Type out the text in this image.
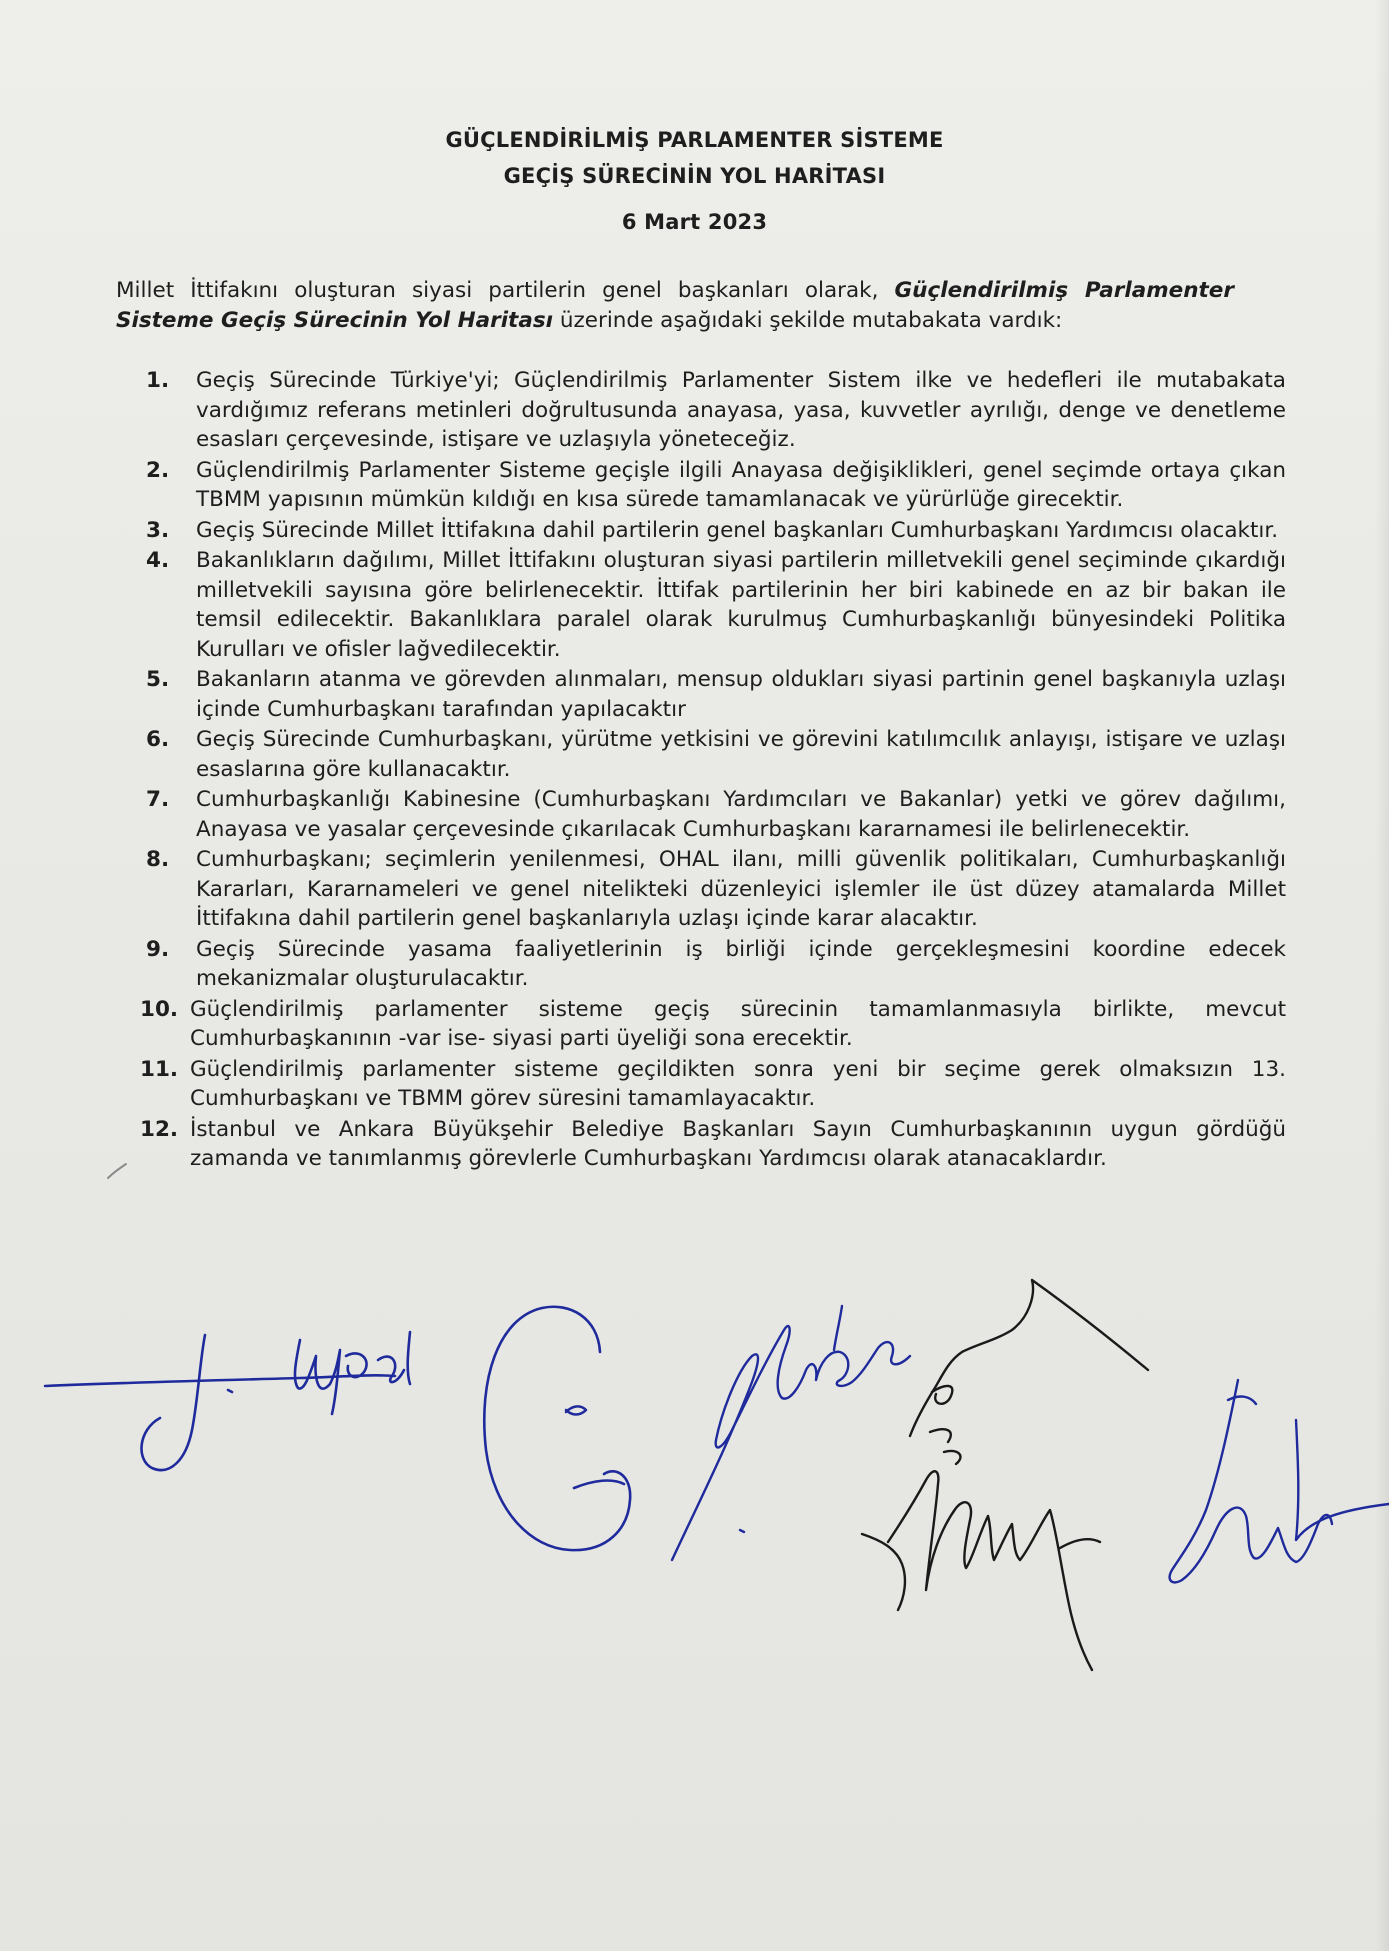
GÜÇLENDİRİLMİŞ PARLAMENTER SİSTEME
GEÇİŞ SÜRECİNİN YOL HARİTASI
6 Mart 2023

Millet İttifakını oluşturan siyasi partilerin genel başkanları olarak, Güçlendirilmiş Parlamenter Sisteme Geçiş Sürecinin Yol Haritası üzerinde aşağıdaki şekilde mutabakata vardık:

1.	Geçiş Sürecinde Türkiye'yi; Güçlendirilmiş Parlamenter Sistem ilke ve hedefleri ile mutabakata vardığımız referans metinleri doğrultusunda anayasa, yasa, kuvvetler ayrılığı, denge ve denetleme esasları çerçevesinde, istişare ve uzlaşıyla yöneteceğiz.
2.	Güçlendirilmiş Parlamenter Sisteme geçişle ilgili Anayasa değişiklikleri, genel seçimde ortaya çıkan TBMM yapısının mümkün kıldığı en kısa sürede tamamlanacak ve yürürlüğe girecektir.
3.	Geçiş Sürecinde Millet İttifakına dahil partilerin genel başkanları Cumhurbaşkanı Yardımcısı olacaktır.
4.	Bakanlıkların dağılımı, Millet İttifakını oluşturan siyasi partilerin milletvekili genel seçiminde çıkardığı milletvekili sayısına göre belirlenecektir. İttifak partilerinin her biri kabinede en az bir bakan ile temsil edilecektir. Bakanlıklara paralel olarak kurulmuş Cumhurbaşkanlığı bünyesindeki Politika Kurulları ve ofisler lağvedilecektir.
5.	Bakanların atanma ve görevden alınmaları, mensup oldukları siyasi partinin genel başkanıyla uzlaşı içinde Cumhurbaşkanı tarafından yapılacaktır
6.	Geçiş Sürecinde Cumhurbaşkanı, yürütme yetkisini ve görevini katılımcılık anlayışı, istişare ve uzlaşı esaslarına göre kullanacaktır.
7.	Cumhurbaşkanlığı Kabinesine (Cumhurbaşkanı Yardımcıları ve Bakanlar) yetki ve görev dağılımı, Anayasa ve yasalar çerçevesinde çıkarılacak Cumhurbaşkanı kararnamesi ile belirlenecektir.
8.	Cumhurbaşkanı; seçimlerin yenilenmesi, OHAL ilanı, milli güvenlik politikaları, Cumhurbaşkanlığı Kararları, Kararnameleri ve genel nitelikteki düzenleyici işlemler ile üst düzey atamalarda Millet İttifakına dahil partilerin genel başkanlarıyla uzlaşı içinde karar alacaktır.
9.	Geçiş Sürecinde yasama faaliyetlerinin iş birliği içinde gerçekleşmesini koordine edecek mekanizmalar oluşturulacaktır.
10. Güçlendirilmiş parlamenter sisteme geçiş sürecinin tamamlanmasıyla birlikte, mevcut Cumhurbaşkanının -var ise- siyasi parti üyeliği sona erecektir.
11. Güçlendirilmiş parlamenter sisteme geçildikten sonra yeni bir seçime gerek olmaksızın 13. Cumhurbaşkanı ve TBMM görev süresini tamamlayacaktır.
12. İstanbul ve Ankara Büyükşehir Belediye Başkanları Sayın Cumhurbaşkanının uygun gördüğü zamanda ve tanımlanmış görevlerle Cumhurbaşkanı Yardımcısı olarak atanacaklardır.
